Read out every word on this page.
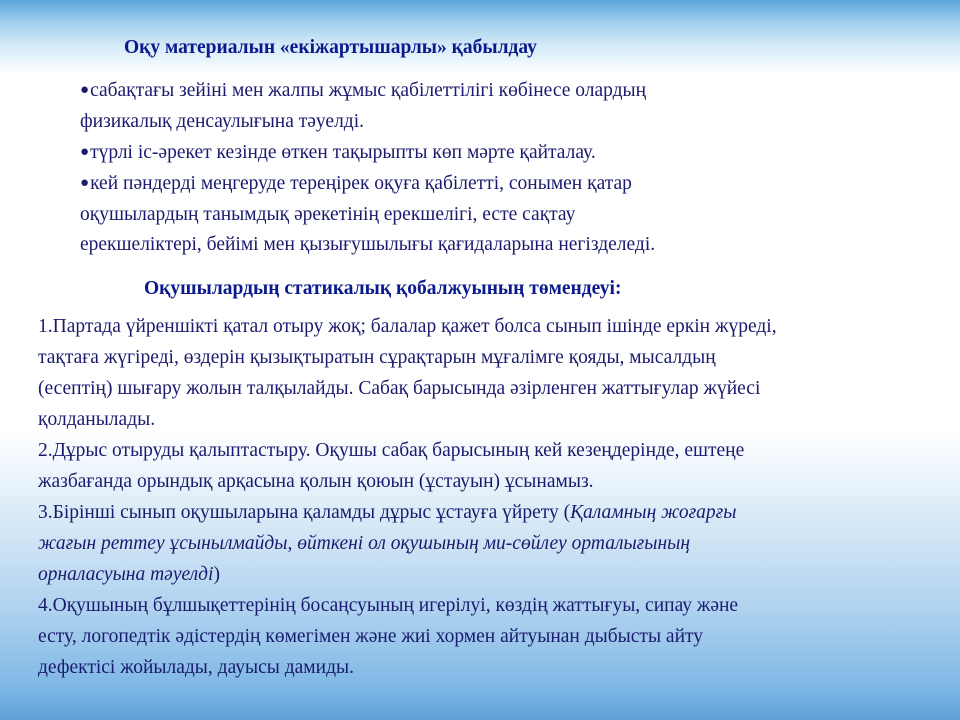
Оқу материалын «екіжартышарлы» қабылдау
●сабақтағы зейіні мен жалпы жұмыс қабілеттілігі көбінесе олардың
физикалық денсаулығына тәуелді.
●түрлі іс-әрекет кезінде өткен тақырыпты көп мәрте қайталау.
●кей пәндерді меңгеруде тереңірек оқуға қабілетті, сонымен қатар
оқушылардың танымдық әрекетінің ерекшелігі, есте сақтау
ерекшеліктері, бейімі мен қызығушылығы қағидаларына негізделеді.
Оқушылардың статикалық қобалжуының төмендеуі:
1.Партада үйреншікті қатал отыру жоқ; балалар қажет болса сынып ішінде еркін жүреді,
тақтаға жүгіреді, өздерін қызықтыратын сұрақтарын мұғалімге қояды, мысалдың
(есептің) шығару жолын талқылайды. Сабақ барысында әзірленген жаттығулар жүйесі
қолданылады.
2.Дұрыс отыруды қалыптастыру. Оқушы сабақ барысының кей кезеңдерінде, ештеңе
жазбағанда орындық арқасына қолын қоюын (ұстауын) ұсынамыз.
3.Бірінші сынып оқушыларына қаламды дұрыс ұстауға үйрету (Қаламның жоғарғы
жағын реттеу ұсынылмайды, өйткені ол оқушының ми-сөйлеу орталығының
орналасуына тәуелді)
4.Оқушының бұлшықеттерінің босаңсуының игерілуі, көздің жаттығуы, сипау және
есту, логопедтік әдістердің көмегімен және жиі хормен айтуынан дыбысты айту
дефектісі жойылады, дауысы дамиды.
